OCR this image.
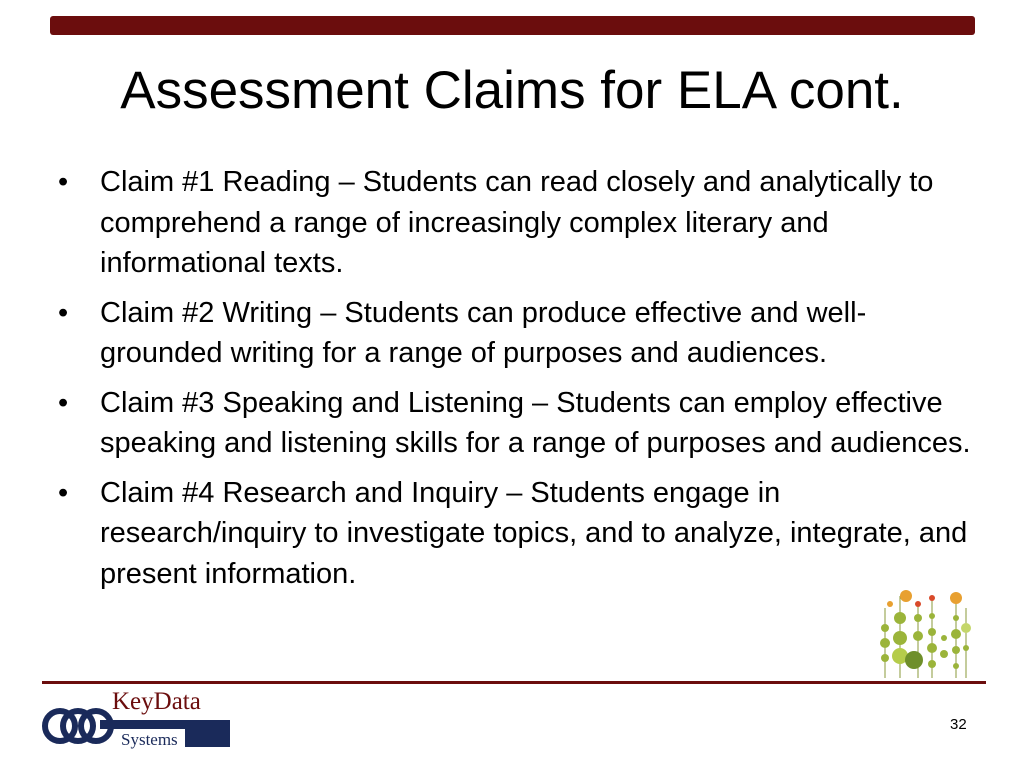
Assessment Claims for ELA cont.
•	Claim #1 Reading – Students can read closely and analytically to comprehend a range of increasingly complex literary and informational texts.
•	Claim #2 Writing – Students can produce effective and well-grounded writing for a range of purposes and audiences.
•	Claim #3 Speaking and Listening – Students can employ effective speaking and listening skills for a range of purposes and audiences.
•	Claim #4 Research and Inquiry – Students engage in research/inquiry to investigate topics, and to analyze, integrate, and present information.
KeyData
Systems
32
